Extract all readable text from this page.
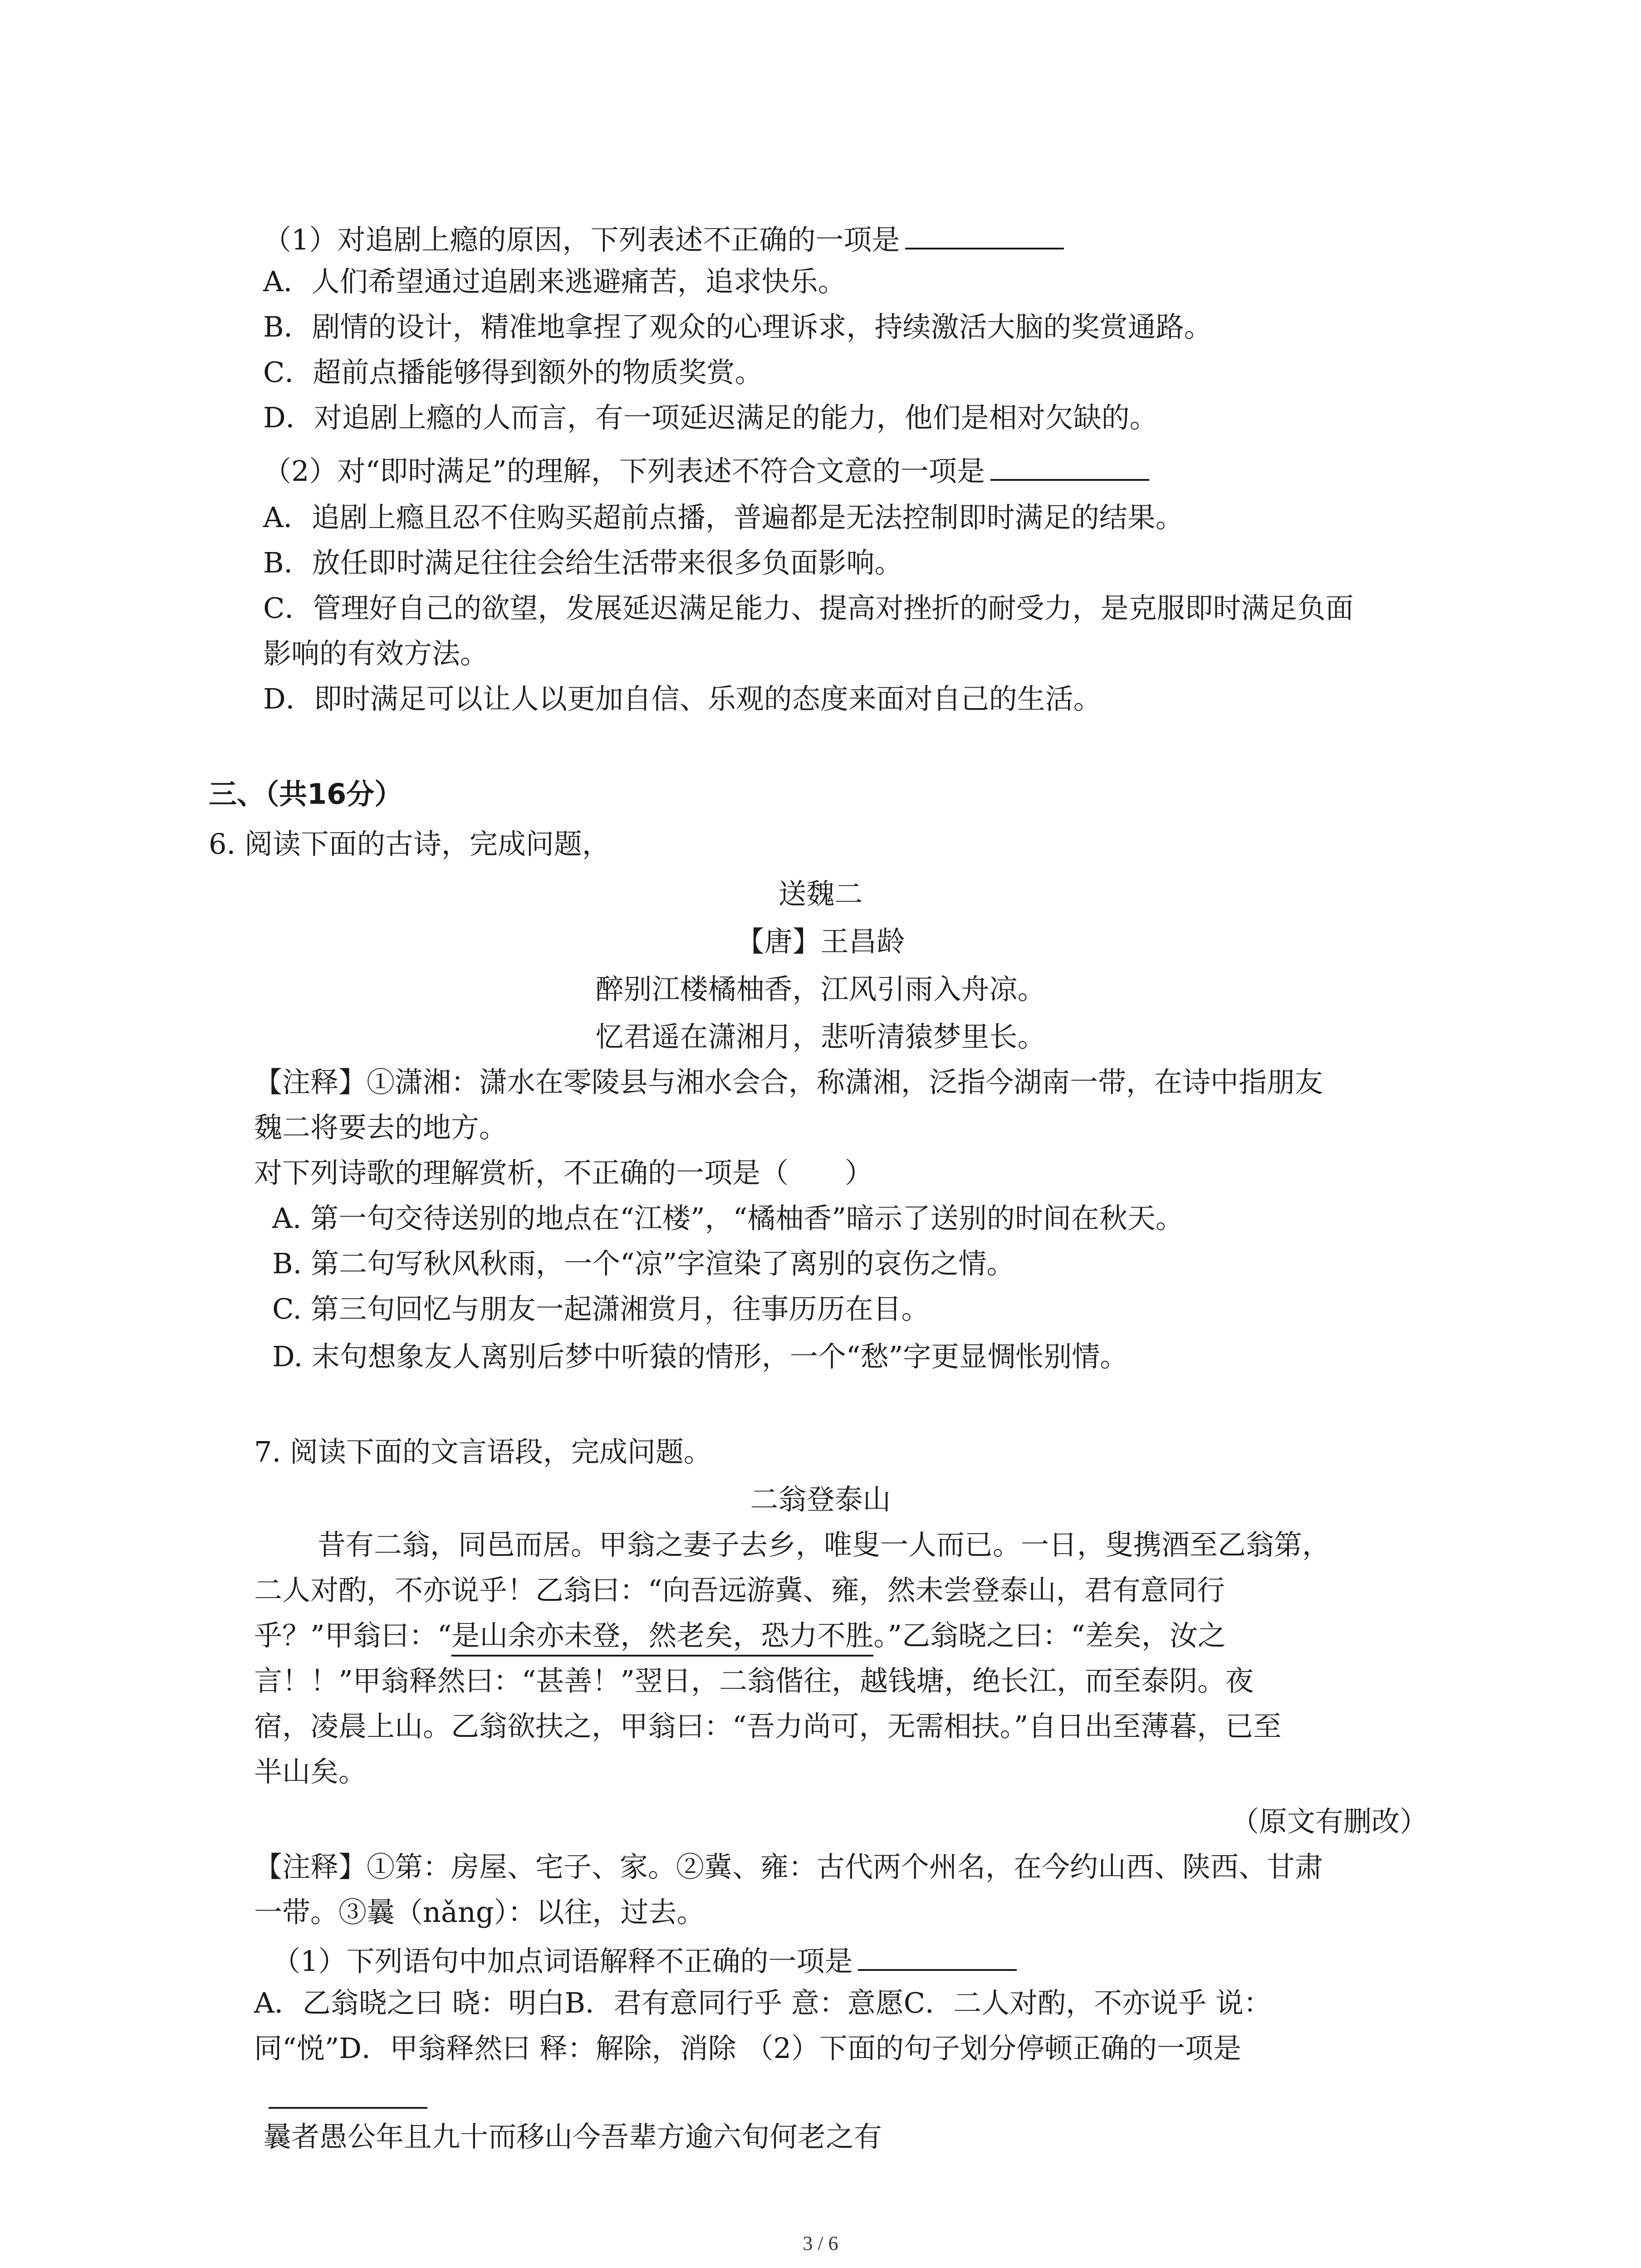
（1）对追剧上瘾的原因，下列表述不正确的一项是
A．人们希望通过追剧来逃避痛苦，追求快乐。
B．剧情的设计，精准地拿捏了观众的心理诉求，持续激活大脑的奖赏通路。
C．超前点播能够得到额外的物质奖赏。
D．对追剧上瘾的人而言，有一项延迟满足的能力，他们是相对欠缺的。
（2）对“即时满足”的理解，下列表述不符合文意的一项是
A．追剧上瘾且忍不住购买超前点播，普遍都是无法控制即时满足的结果。
B．放任即时满足往往会给生活带来很多负面影响。
C．管理好自己的欲望，发展延迟满足能力、提高对挫折的耐受力，是克服即时满足负面
影响的有效方法。
D．即时满足可以让人以更加自信、乐观的态度来面对自己的生活。
三、（共16分）
6. 阅读下面的古诗，完成问题，
送魏二
【唐】王昌龄
醉别江楼橘柚香，江风引雨入舟凉。
忆君遥在潇湘月，悲听清猿梦里长。
【注释】①潇湘：潇水在零陵县与湘水会合，称潇湘，泛指今湖南一带，在诗中指朋友
魏二将要去的地方。
对下列诗歌的理解赏析，不正确的一项是（　　）
A. 第一句交待送别的地点在“江楼”，“橘柚香”暗示了送别的时间在秋天。
B. 第二句写秋风秋雨，一个“凉”字渲染了离别的哀伤之情。
C. 第三句回忆与朋友一起潇湘赏月，往事历历在目。
D. 末句想象友人离别后梦中听猿的情形，一个“愁”字更显惆怅别情。
7. 阅读下面的文言语段，完成问题。
二翁登泰山
昔有二翁，同邑而居。甲翁之妻子去乡，唯叟一人而已。一日，叟携酒至乙翁第，
二人对酌，不亦说乎！乙翁曰：“向吾远游冀、雍，然未尝登泰山，君有意同行
乎？”甲翁曰：“是山余亦未登，然老矣，恐力不胜。”乙翁晓之曰：“差矣，汝之
言！！”甲翁释然曰：“甚善！”翌日，二翁偕往，越钱塘，绝长江，而至泰阴。夜
宿，凌晨上山。乙翁欲扶之，甲翁曰：“吾力尚可，无需相扶。”自日出至薄暮，已至
半山矣。
（原文有删改）
【注释】①第：房屋、宅子、家。②冀、雍：古代两个州名，在今约山西、陕西、甘肃
一带。③曩（nǎng）：以往，过去。
（1）下列语句中加点词语解释不正确的一项是
A．乙翁晓之曰 晓：明白B．君有意同行乎 意：意愿C．二人对酌，不亦说乎 说：
同“悦”D．甲翁释然曰 释：解除，消除 （2）下面的句子划分停顿正确的一项是
曩者愚公年且九十而移山今吾辈方逾六旬何老之有
3 / 6
